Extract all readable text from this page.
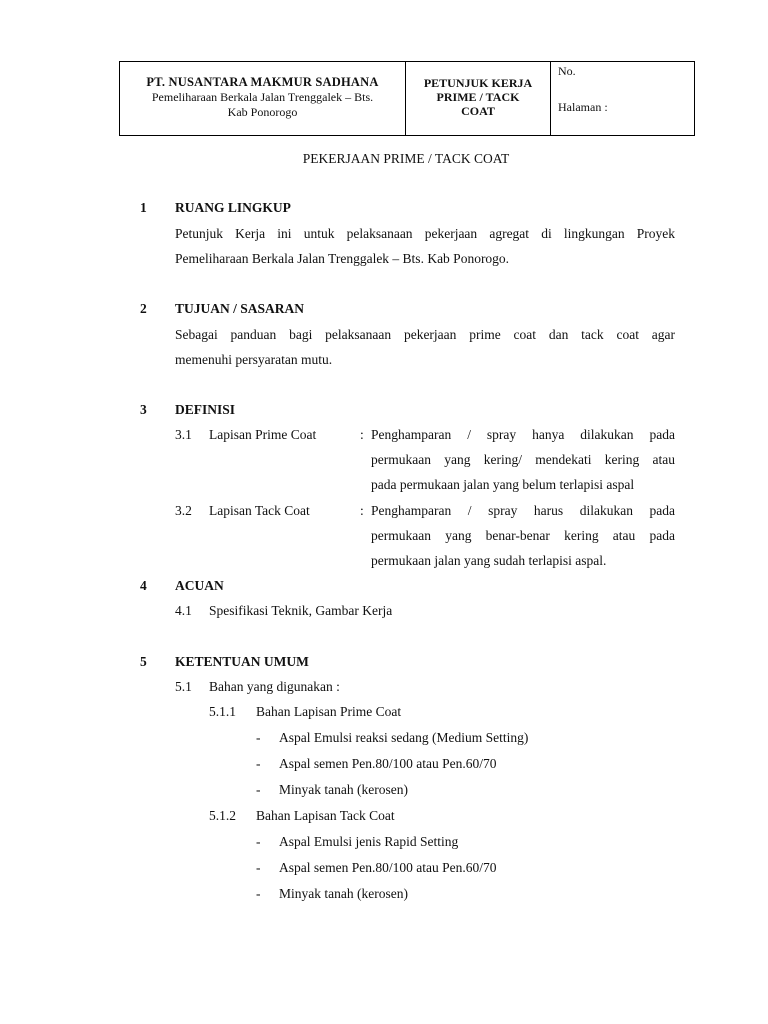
PT. NUSANTARA MAKMUR SADHANA
Pemeliharaan Berkala Jalan Trenggalek – Bts.
Kab Ponorogo
PETUNJUK KERJA
PRIME / TACK
COAT
No.
Halaman :
PEKERJAAN PRIME / TACK COAT
1 RUANG LINGKUP
Petunjuk Kerja ini untuk pelaksanaan pekerjaan agregat di lingkungan Proyek
Pemeliharaan Berkala Jalan Trenggalek – Bts. Kab Ponorogo.
2 TUJUAN / SASARAN
Sebagai panduan bagi pelaksanaan pekerjaan prime coat dan tack coat agar
memenuhi persyaratan mutu.
3 DEFINISI
3.1 Lapisan Prime Coat	: Penghamparan / spray hanya dilakukan pada
permukaan yang kering/ mendekati kering atau
pada permukaan jalan yang belum terlapisi aspal
3.2 Lapisan Tack Coat	: Penghamparan / spray harus dilakukan pada
permukaan yang benar-benar kering atau pada
permukaan jalan yang sudah terlapisi aspal.
4 ACUAN
4.1 Spesifikasi Teknik, Gambar Kerja
5 KETENTUAN UMUM
5.1 Bahan yang digunakan :
5.1.1 Bahan Lapisan Prime Coat
- Aspal Emulsi reaksi sedang (Medium Setting)
- Aspal semen Pen.80/100 atau Pen.60/70
- Minyak tanah (kerosen)
5.1.2 Bahan Lapisan Tack Coat
- Aspal Emulsi jenis Rapid Setting
- Aspal semen Pen.80/100 atau Pen.60/70
- Minyak tanah (kerosen)
